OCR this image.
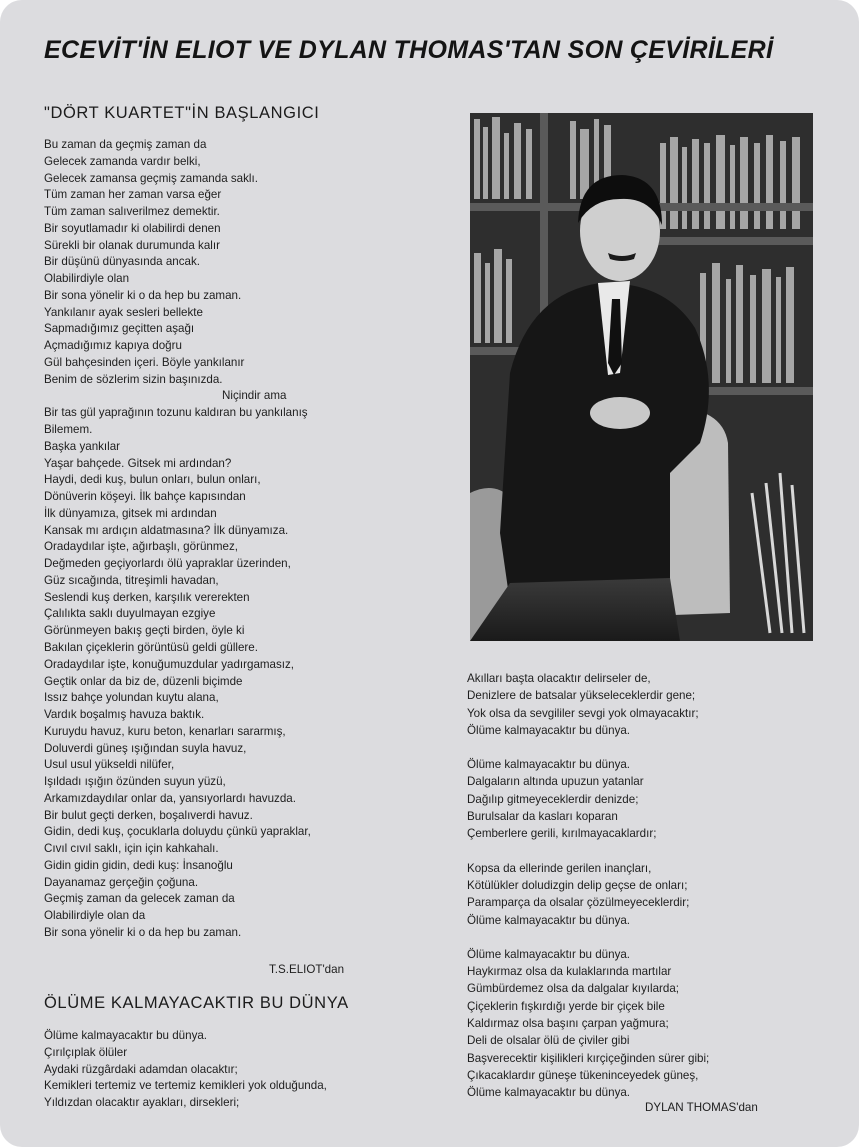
ECEVİT'İN ELIOT VE DYLAN THOMAS'TAN SON ÇEVİRİLERİ
"DÖRT KUARTET"İN BAŞLANGICI
Bu zaman da geçmiş zaman da
Gelecek zamanda vardır belki,
Gelecek zamansa geçmiş zamanda saklı.
Tüm zaman her zaman varsa eğer
Tüm zaman salıverilmez demektir.
Bir soyutlamadır ki olabilirdi denen
Sürekli bir olanak durumunda kalır
Bir düşünü dünyasında ancak.
Olabilirdiyle olan
Bir sona yönelir ki o da hep bu zaman.
Yankılanır ayak sesleri bellekte
Sapmadığımız geçitten aşağı
Açmadığımız kapıya doğru
Gül bahçesinden içeri. Böyle yankılanır
Benim de sözlerim sizin başınızda.
Niçindir ama
Bir tas gül yaprağının tozunu kaldıran bu yankılanış
Bilemem.
Başka yankılar
Yaşar bahçede. Gitsek mi ardından?
Haydi, dedi kuş, bulun onları, bulun onları,
Dönüverin köşeyi. İlk bahçe kapısından
İlk dünyamıza, gitsek mi ardından
Kansak mı ardıçın aldatmasına? İlk dünyamıza.
Oradaydılar işte, ağırbaşlı, görünmez,
Değmeden geçiyorlardı ölü yapraklar üzerinden,
Güz sıcağında, titreşimli havadan,
Seslendi kuş derken, karşılık vererekten
Çalılıkta saklı duyulmayan ezgiye
Görünmeyen bakış geçti birden, öyle ki
Bakılan çiçeklerin görüntüsü geldi güllere.
Oradaydılar işte, konuğumuzdular yadırgamasız,
Geçtik onlar da biz de, düzenli biçimde
Issız bahçe yolundan kuytu alana,
Vardık boşalmış havuza baktık.
Kuruydu havuz, kuru beton, kenarları sararmış,
Doluverdi güneş ışığından suyla havuz,
Usul usul yükseldi nilüfer,
Işıldadı ışığın özünden suyun yüzü,
Arkamızdaydılar onlar da, yansıyorlardı havuzda.
Bir bulut geçti derken, boşalıverdi havuz.
Gidin, dedi kuş, çocuklarla doluydu çünkü yapraklar,
Cıvıl cıvıl saklı, için için kahkahalı.
Gidin gidin gidin, dedi kuş: İnsanoğlu
Dayanamaz gerçeğin çoğuna.
Geçmiş zaman da gelecek zaman da
Olabilirdiyle olan da
Bir sona yönelir ki o da hep bu zaman.
T.S.ELIOT'dan
ÖLÜME KALMAYACAKTIR BU DÜNYA
Ölüme kalmayacaktır bu dünya.
Çırılçıplak ölüler
Aydaki rüzgârdaki adamdan olacaktır;
Kemikleri tertemiz ve tertemiz kemikleri yok olduğunda,
Yıldızdan olacaktır ayakları, dirsekleri;
Akılları başta olacaktır delirseler de,
Denizlere de batsalar yükseleceklerdir gene;
Yok olsa da sevgililer sevgi yok olmayacaktır;
Ölüme kalmayacaktır bu dünya.
Ölüme kalmayacaktır bu dünya.
Dalgaların altında upuzun yatanlar
Dağılıp gitmeyeceklerdir denizde;
Burulsalar da kasları koparan
Çemberlere gerili, kırılmayacaklardır;
Kopsa da ellerinde gerilen inançları,
Kötülükler doludizgin delip geçse de onları;
Paramparça da olsalar çözülmeyeceklerdir;
Ölüme kalmayacaktır bu dünya.
Ölüme kalmayacaktır bu dünya.
Haykırmaz olsa da kulaklarında martılar
Gümbürdemez olsa da dalgalar kıyılarda;
Çiçeklerin fışkırdığı yerde bir çiçek bile
Kaldırmaz olsa başını çarpan yağmura;
Deli de olsalar ölü de çiviler gibi
Başverecektir kişilikleri kırçiçeğinden sürer gibi;
Çıkacaklardır güneşe tükeninceyedek güneş,
Ölüme kalmayacaktır bu dünya.
DYLAN THOMAS'dan
